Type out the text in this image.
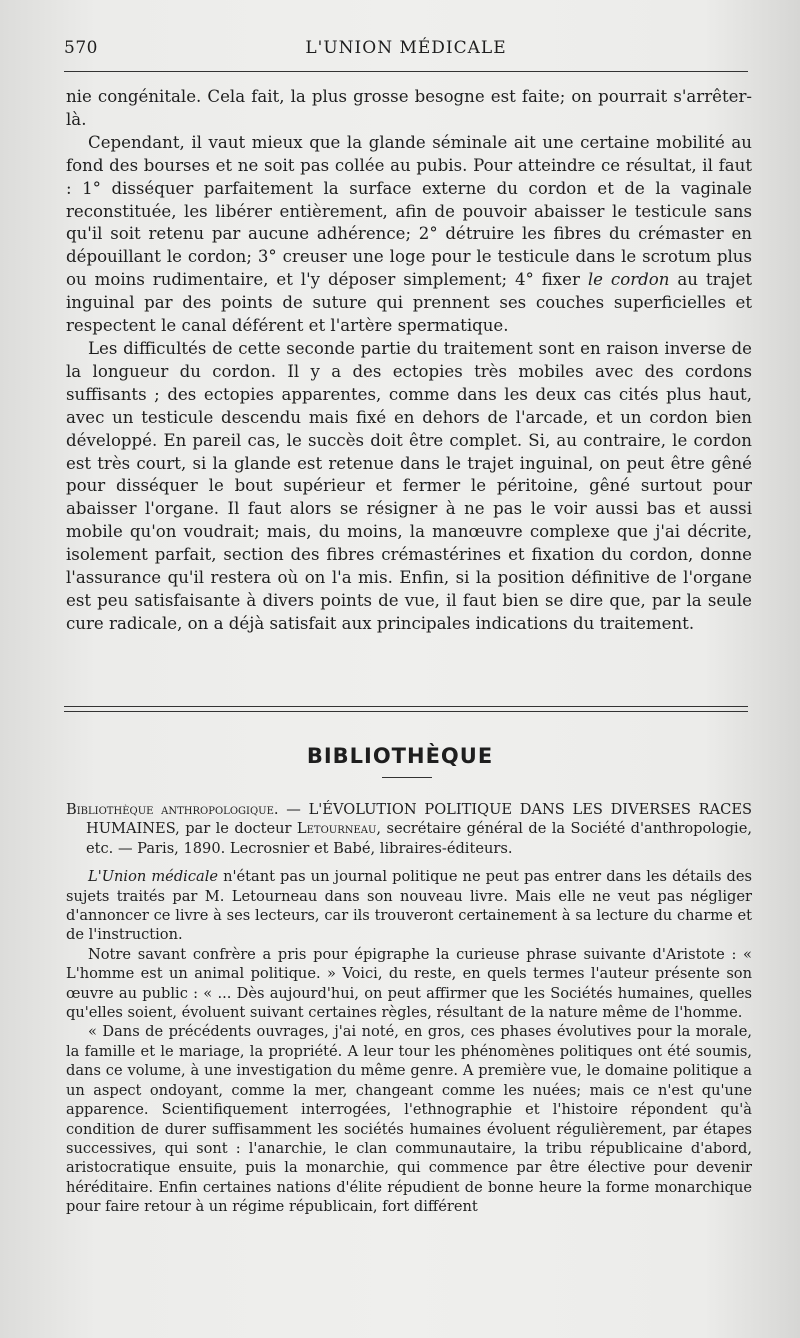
570	L'UNION MÉDICALE

nie congénitale. Cela fait, la plus grosse besogne est faite; on pourrait s'arrêter-là.

Cependant, il vaut mieux que la glande séminale ait une certaine mobilité au fond des bourses et ne soit pas collée au pubis. Pour atteindre ce résultat, il faut : 1° disséquer parfaitement la surface externe du cordon et de la vaginale reconstituée, les libérer entièrement, afin de pouvoir abaisser le testicule sans qu'il soit retenu par aucune adhérence; 2° détruire les fibres du crémaster en dépouillant le cordon; 3° creuser une loge pour le testicule dans le scrotum plus ou moins rudimentaire, et l'y déposer simplement; 4° fixer le cordon au trajet inguinal par des points de suture qui prennent ses couches superficielles et respectent le canal déférent et l'artère spermatique.

Les difficultés de cette seconde partie du traitement sont en raison inverse de la longueur du cordon. Il y a des ectopies très mobiles avec des cordons suffisants ; des ectopies apparentes, comme dans les deux cas cités plus haut, avec un testicule descendu mais fixé en dehors de l'arcade, et un cordon bien développé. En pareil cas, le succès doit être complet. Si, au contraire, le cordon est très court, si la glande est retenue dans le trajet inguinal, on peut être gêné pour disséquer le bout supérieur et fermer le péritoine, gêné surtout pour abaisser l'organe. Il faut alors se résigner à ne pas le voir aussi bas et aussi mobile qu'on voudrait; mais, du moins, la manœuvre complexe que j'ai décrite, isolement parfait, section des fibres crémastérines et fixation du cordon, donne l'assurance qu'il restera où on l'a mis. Enfin, si la position définitive de l'organe est peu satisfaisante à divers points de vue, il faut bien se dire que, par la seule cure radicale, on a déjà satisfait aux principales indications du traitement.

BIBLIOTHÈQUE

Bibliothèque anthropologique. — L'ÉVOLUTION POLITIQUE DANS LES DIVERSES RACES HUMAINES, par le docteur Letourneau, secrétaire général de la Société d'anthropologie, etc. — Paris, 1890. Lecrosnier et Babé, libraires-éditeurs.

L'Union médicale n'étant pas un journal politique ne peut pas entrer dans les détails des sujets traités par M. Letourneau dans son nouveau livre. Mais elle ne veut pas négliger d'annoncer ce livre à ses lecteurs, car ils trouveront certainement à sa lecture du charme et de l'instruction.

Notre savant confrère a pris pour épigraphe la curieuse phrase suivante d'Aristote : « L'homme est un animal politique. » Voici, du reste, en quels termes l'auteur présente son œuvre au public : « ... Dès aujourd'hui, on peut affirmer que les Sociétés humaines, quelles qu'elles soient, évoluent suivant certaines règles, résultant de la nature même de l'homme.

« Dans de précédents ouvrages, j'ai noté, en gros, ces phases évolutives pour la morale, la famille et le mariage, la propriété. A leur tour les phénomènes politiques ont été soumis, dans ce volume, à une investigation du même genre. A première vue, le domaine politique a un aspect ondoyant, comme la mer, changeant comme les nuées; mais ce n'est qu'une apparence. Scientifiquement interrogées, l'ethnographie et l'histoire répondent qu'à condition de durer suffisamment les sociétés humaines évoluent régulièrement, par étapes successives, qui sont : l'anarchie, le clan communautaire, la tribu républicaine d'abord, aristocratique ensuite, puis la monarchie, qui commence par être élective pour devenir héréditaire. Enfin certaines nations d'élite répudient de bonne heure la forme monarchique pour faire retour à un régime républicain, fort différent
